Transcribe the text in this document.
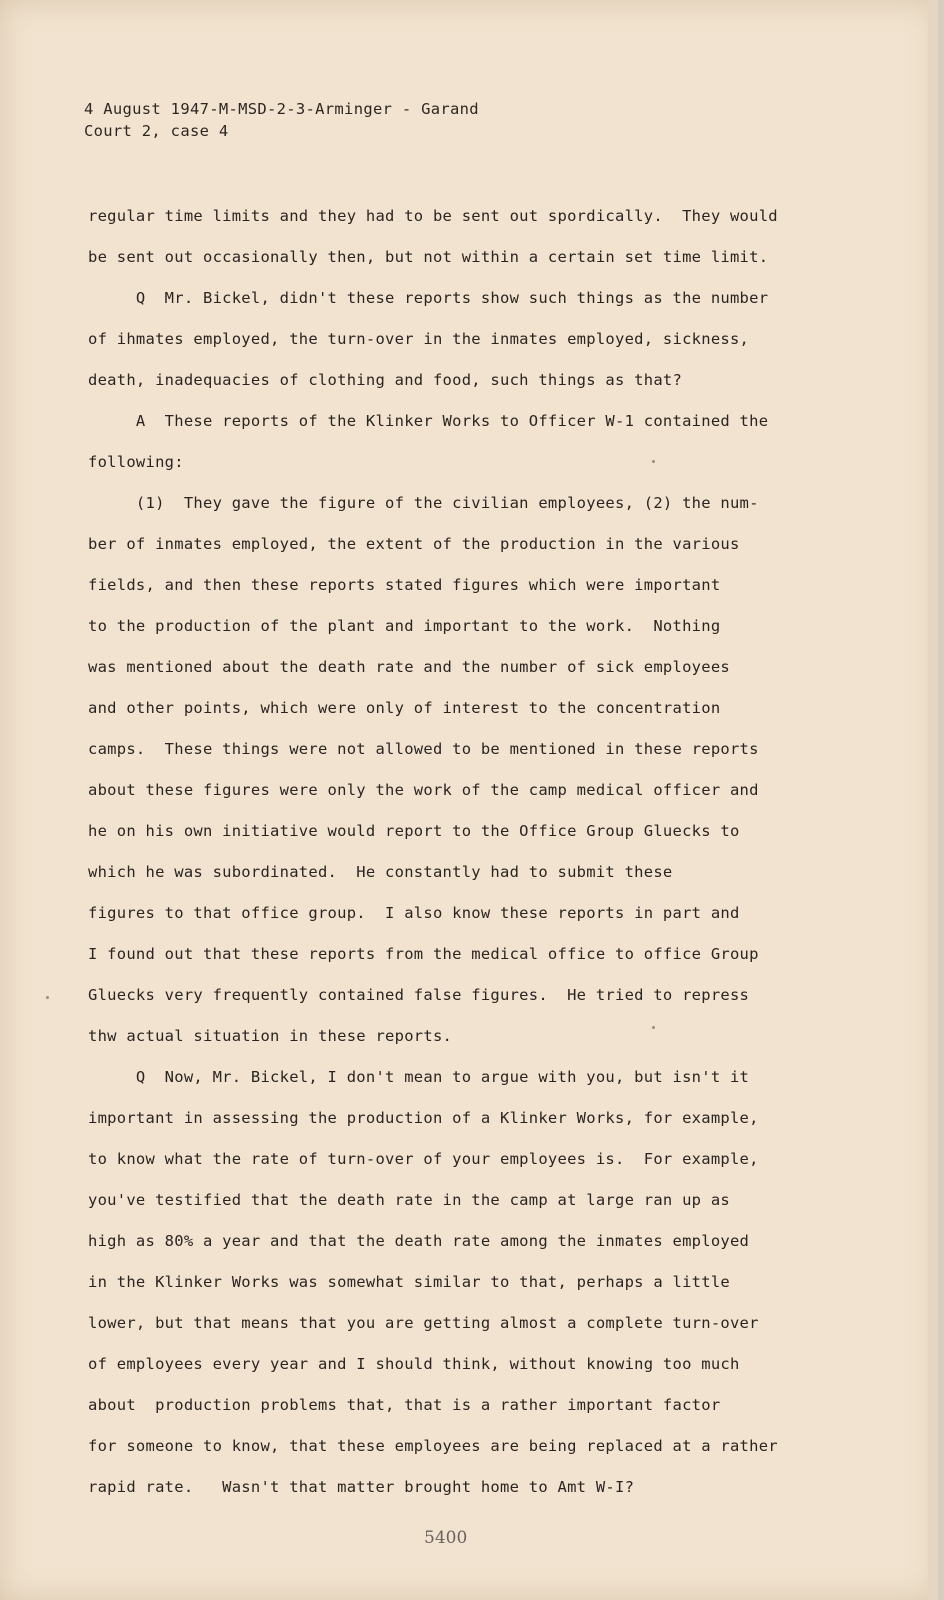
4 August 1947-M-MSD-2-3-Arminger - Garand
Court 2, case 4
regular time limits and they had to be sent out spordically.  They would
be sent out occasionally then, but not within a certain set time limit.
Q  Mr. Bickel, didn't these reports show such things as the number
of ihmates employed, the turn-over in the inmates employed, sickness,
death, inadequacies of clothing and food, such things as that?
A  These reports of the Klinker Works to Officer W-1 contained the
following:
(1)  They gave the figure of the civilian employees, (2) the num-
ber of inmates employed, the extent of the production in the various
fields, and then these reports stated figures which were important
to the production of the plant and important to the work.  Nothing
was mentioned about the death rate and the number of sick employees
and other points, which were only of interest to the concentration
camps.  These things were not allowed to be mentioned in these reports
about these figures were only the work of the camp medical officer and
he on his own initiative would report to the Office Group Gluecks to
which he was subordinated.  He constantly had to submit these
figures to that office group.  I also know these reports in part and
I found out that these reports from the medical office to office Group
Gluecks very frequently contained false figures.  He tried to repress
thw actual situation in these reports.
Q  Now, Mr. Bickel, I don't mean to argue with you, but isn't it
important in assessing the production of a Klinker Works, for example,
to know what the rate of turn-over of your employees is.  For example,
you've testified that the death rate in the camp at large ran up as
high as 80% a year and that the death rate among the inmates employed
in the Klinker Works was somewhat similar to that, perhaps a little
lower, but that means that you are getting almost a complete turn-over
of employees every year and I should think, without knowing too much
about  production problems that, that is a rather important factor
for someone to know, that these employees are being replaced at a rather
rapid rate.   Wasn't that matter brought home to Amt W-I?
5400
